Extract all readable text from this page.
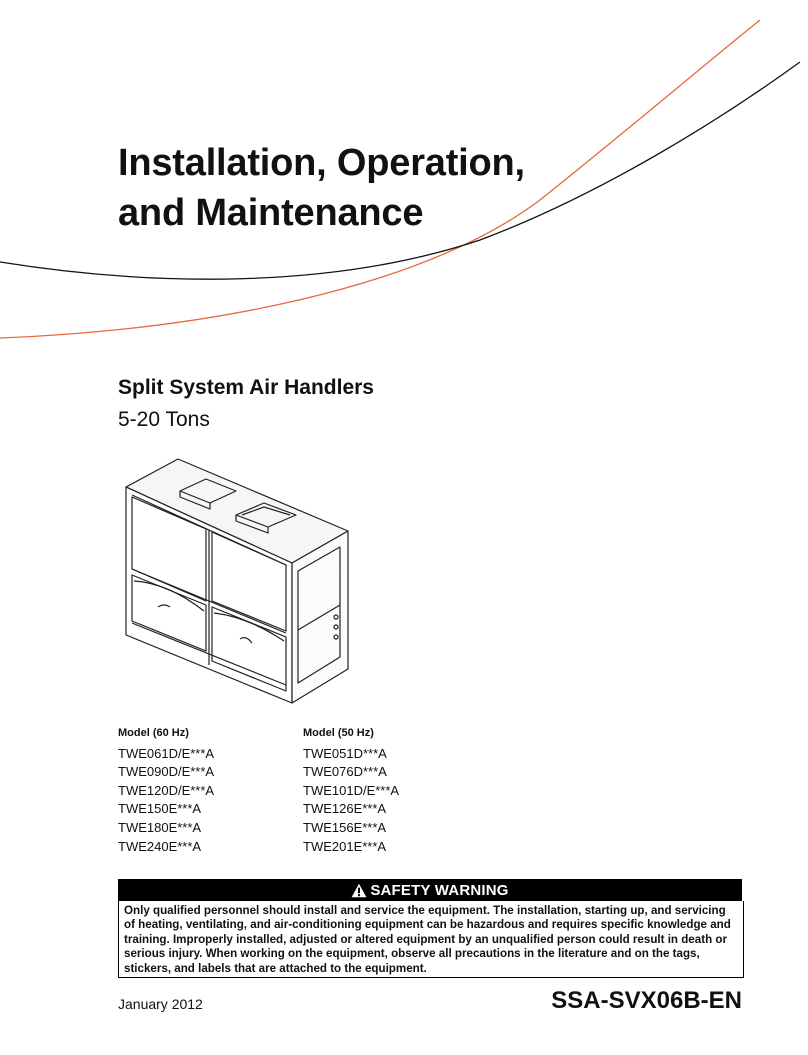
Installation, Operation,
and Maintenance
Split System Air Handlers
5-20 Tons
Model (60 Hz)
TWE061D/E***A
TWE090D/E***A
TWE120D/E***A
TWE150E***A
TWE180E***A
TWE240E***A
Model (50 Hz)
TWE051D***A
TWE076D***A
TWE101D/E***A
TWE126E***A
TWE156E***A
TWE201E***A
SAFETY WARNING
Only qualified personnel should install and service the equipment. The installation, starting up, and servicing of heating, ventilating, and air-conditioning equipment can be hazardous and requires specific knowledge and training. Improperly installed, adjusted or altered equipment by an unqualified person could result in death or serious injury. When working on the equipment, observe all precautions in the literature and on the tags, stickers, and labels that are attached to the equipment.
January 2012	SSA-SVX06B-EN
